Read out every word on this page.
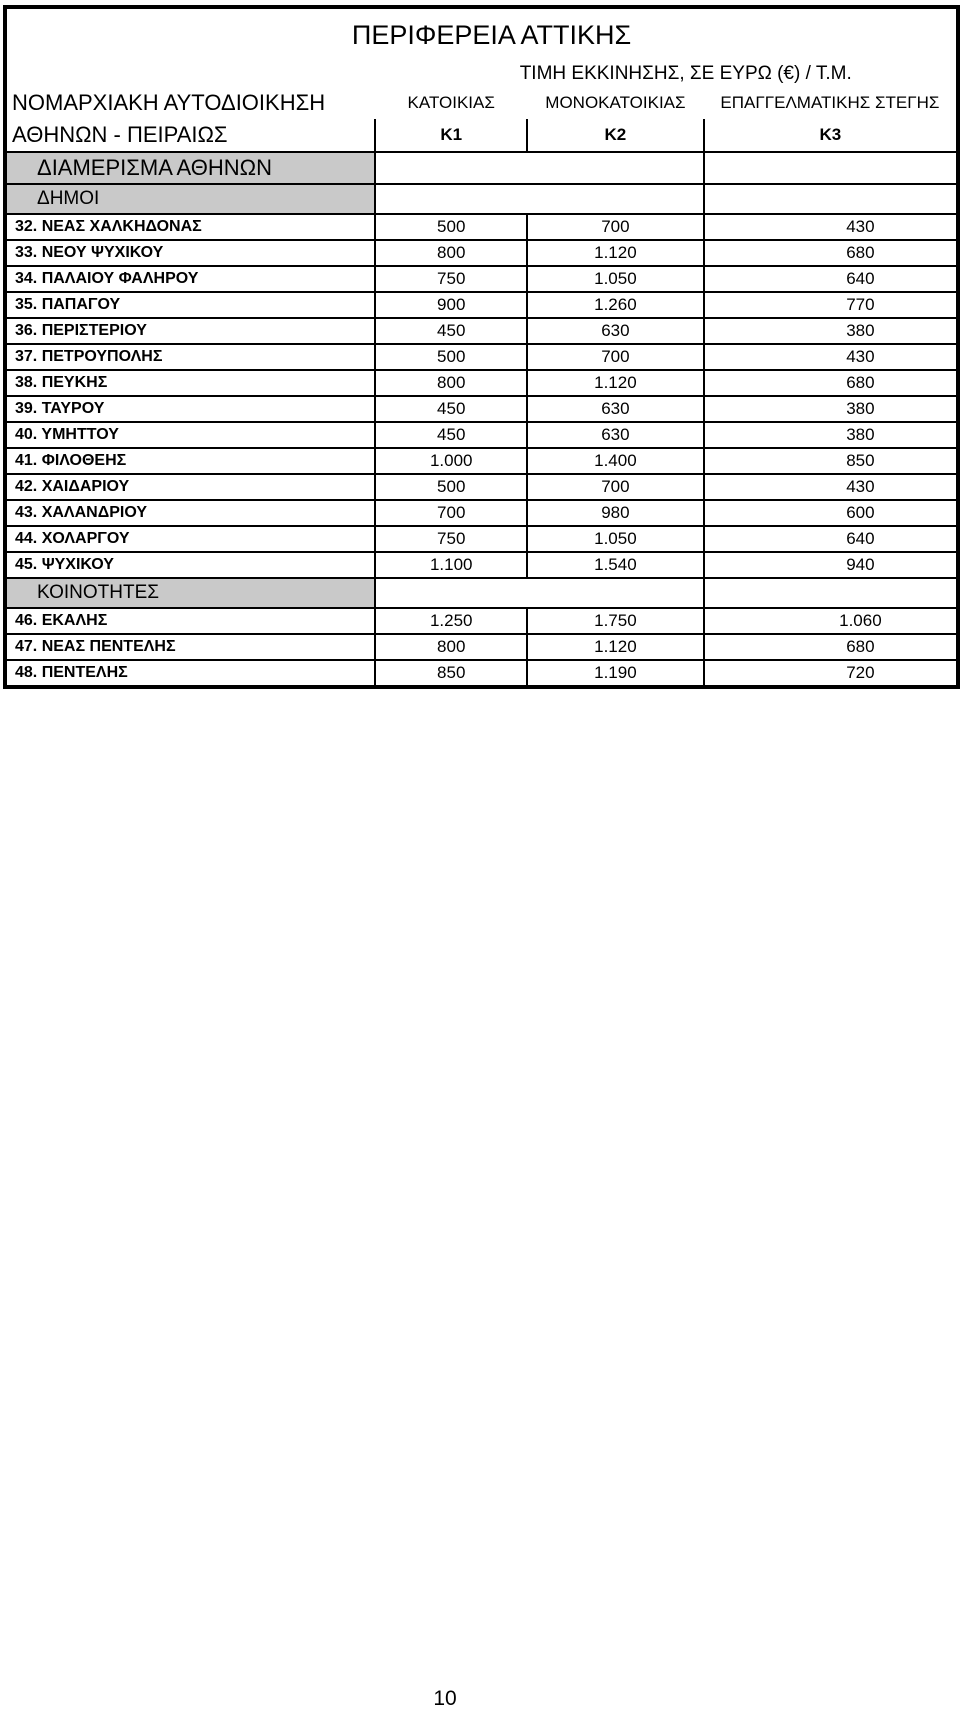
ΠΕΡΙΦΕΡΕΙΑ ΑΤΤΙΚΗΣ			
	ΤΙΜΗ ΕΚΚΙΝΗΣΗΣ, ΣΕ ΕΥΡΩ (€) / Τ.Μ.		
ΝΟΜΑΡΧΙΑΚΗ ΑΥΤΟΔΙΟΙΚΗΣΗ	ΚΑΤΟΙΚΙΑΣ	ΜΟΝΟΚΑΤΟΙΚΙΑΣ	ΕΠΑΓΓΕΛΜΑΤΙΚΗΣ ΣΤΕΓΗΣ
ΑΘΗΝΩΝ - ΠΕΙΡΑΙΩΣ	Κ1	Κ2	Κ3
ΔΙΑΜΕΡΙΣΜΑ ΑΘΗΝΩΝ			
ΔΗΜΟΙ			
32. ΝΕΑΣ ΧΑΛΚΗΔΟΝΑΣ	500	700	430
33. ΝΕΟΥ ΨΥΧΙΚΟΥ	800	1.120	680
34. ΠΑΛΑΙΟΥ ΦΑΛΗΡΟΥ	750	1.050	640
35. ΠΑΠΑΓΟΥ	900	1.260	770
36. ΠΕΡΙΣΤΕΡΙΟΥ	450	630	380
37. ΠΕΤΡΟΥΠΟΛΗΣ	500	700	430
38. ΠΕΥΚΗΣ	800	1.120	680
39. ΤΑΥΡΟΥ	450	630	380
40. ΥΜΗΤΤΟΥ	450	630	380
41. ΦΙΛΟΘΕΗΣ	1.000	1.400	850
42. ΧΑΙΔΑΡΙΟΥ	500	700	430
43. ΧΑΛΑΝΔΡΙΟΥ	700	980	600
44. ΧΟΛΑΡΓΟΥ	750	1.050	640
45. ΨΥΧΙΚΟΥ	1.100	1.540	940
ΚΟΙΝΟΤΗΤΕΣ			
46. ΕΚΑΛΗΣ	1.250	1.750	1.060
47. ΝΕΑΣ ΠΕΝΤΕΛΗΣ	800	1.120	680
48. ΠΕΝΤΕΛΗΣ	850	1.190	720
10
